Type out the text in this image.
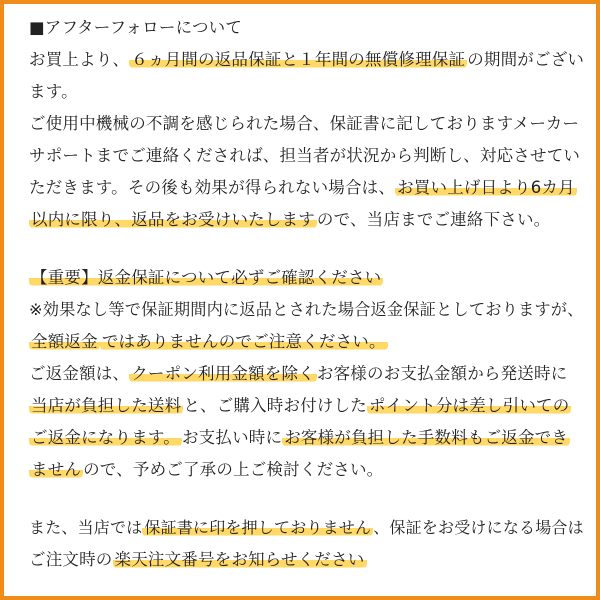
■アフターフォローについて
お買上より、 ６ヵ月間の返品保証と１年間の無償修理保証 の期間がござい
ます。
ご使用中機械の不調を感じられた場合、保証書に記しておりますメーカー
サポートまでご連絡くだされば、担当者が状況から判断し、対応させてい
ただきます。その後も効果が得られない場合は、 お買い上げ日より6カ月
以内に限り、返品をお受けいたします ので、当店までご連絡下さい。
【重要】返金保証について必ずご確認ください
※効果なし等で保証期間内に返品とされた場合返金保証としておりますが、
全額返金 ではありませんのでご注意ください。
ご返金額は、 クーポン利用金額を除く お客様のお支払金額から発送時に
当店が負担した送料 と、ご購入時お付けした ポイント分は差し引いての
ご返金になります。 お支払い時に お客様が負担した手数料もご返金でき
ません ので、予めご了承の上ご検討ください。
また、当店では 保証書に印を押しておりません 、保証をお受けになる場合は
ご注文時の 楽天注文番号をお知らせください
